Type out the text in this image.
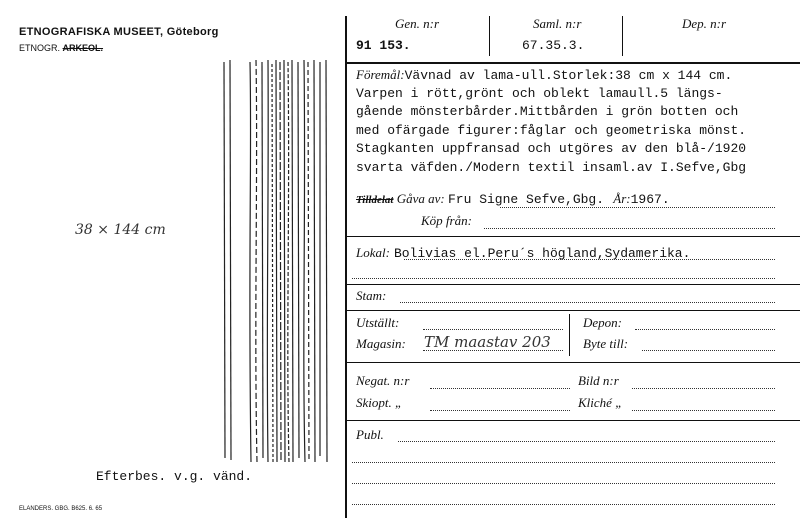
ETNOGRAFISKA MUSEET, Göteborg
ETNOGR. ARKEOL.
38 × 144 cm
Efterbes. v.g. vänd.
ELANDERS. GBG. B625. 6. 65
Gen. n:r	Saml. n:r	Dep. n:r
91 153.	67.35.3.
Föremål:Vävnad av lama-ull.Storlek:38 cm x 144 cm.
Varpen i rött,grönt och oblekt lamaull.5 längs-
gående mönsterbårder.Mittbården i grön botten och
med ofärgade figurer:fåglar och geometriska mönst.
Stagkanten uppfransad och utgöres av den blå-/1920
svarta väfden./Modern textil insaml.av I.Sefve,Gbg
Tilldelat Gåva av: Fru Signe Sefve,Gbg. År:1967.
Köp från:
Lokal: Bolivias el.Peru´s högland,Sydamerika.
Stam:
Utställt:	Depon:
Magasin: TM maastav 203 Byte till:
Negat. n:r	Bild n:r
Skiopt. „	Kliché „
Publ.
